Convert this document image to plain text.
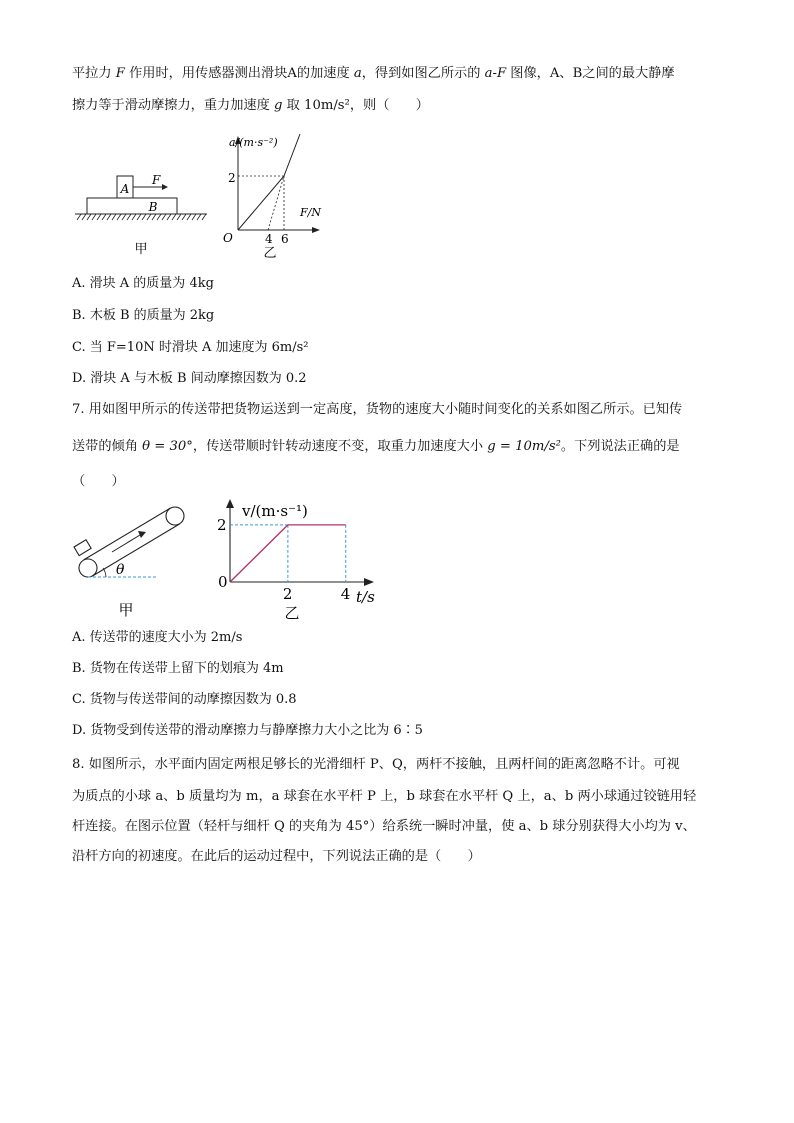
平拉力 F 作用时，用传感器测出滑块A的加速度 a，得到如图乙所示的 a-F 图像，A、B之间的最大静摩
擦力等于滑动摩擦力，重力加速度 g 取 10m/s²，则（　　）
A
B
F
甲
a/(m·s⁻²)
F/N
O
2
4 6
乙
A. 滑块 A 的质量为 4kg
B. 木板 B 的质量为 2kg
C. 当 F=10N 时滑块 A 加速度为 6m/s²
D. 滑块 A 与木板 B 间动摩擦因数为 0.2
7. 用如图甲所示的传送带把货物运送到一定高度，货物的速度大小随时间变化的关系如图乙所示。已知传
送带的倾角 θ = 30°，传送带顺时针转动速度不变，取重力加速度大小 g = 10m/s²。下列说法正确的是
（　　）
θ
甲
v/(m·s⁻¹)
t/s
乙
0
2	4
2
A. 传送带的速度大小为 2m/s
B. 货物在传送带上留下的划痕为 4m
C. 货物与传送带间的动摩擦因数为 0.8
D. 货物受到传送带的滑动摩擦力与静摩擦力大小之比为 6∶5
8. 如图所示，水平面内固定两根足够长的光滑细杆 P、Q，两杆不接触，且两杆间的距离忽略不计。可视
为质点的小球 a、b 质量均为 m，a 球套在水平杆 P 上，b 球套在水平杆 Q 上，a、b 两小球通过铰链用轻
杆连接。在图示位置（轻杆与细杆 Q 的夹角为 45°）给系统一瞬时冲量，使 a、b 球分别获得大小均为 v、
沿杆方向的初速度。在此后的运动过程中，下列说法正确的是（　　）
